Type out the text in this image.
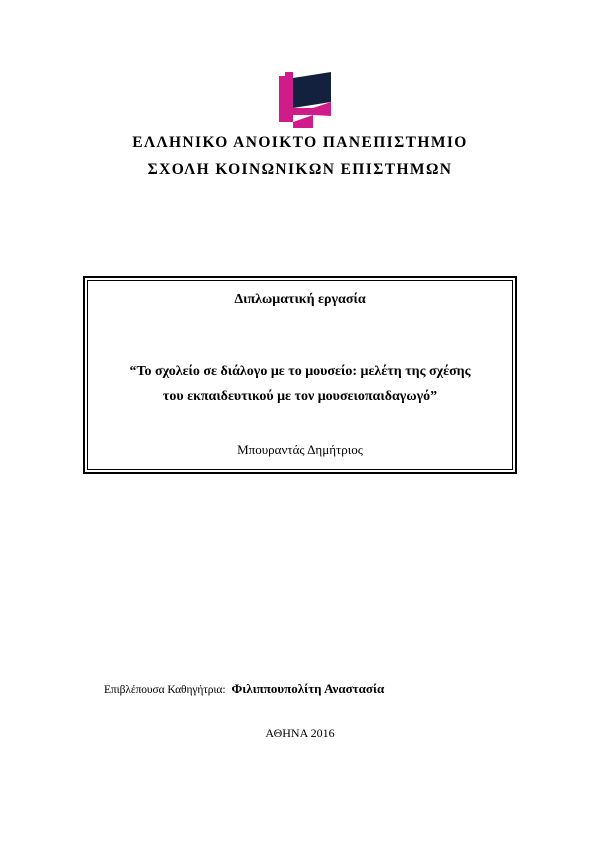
ΕΛΛΗΝΙΚΟ ΑΝΟΙΚΤΟ ΠΑΝΕΠΙΣΤΗΜΙΟ
ΣΧΟΛΗ ΚΟΙΝΩΝΙΚΩΝ ΕΠΙΣΤΗΜΩΝ

Διπλωματική εργασία

“Το σχολείο σε διάλογο με το μουσείο: μελέτη της σχέσης
του εκπαιδευτικού με τον μουσειοπαιδαγωγό”

Μπουραντάς Δημήτριος

Επιβλέπουσα Καθηγήτρια: Φιλιππουπολίτη Αναστασία

ΑΘΗΝΑ 2016
